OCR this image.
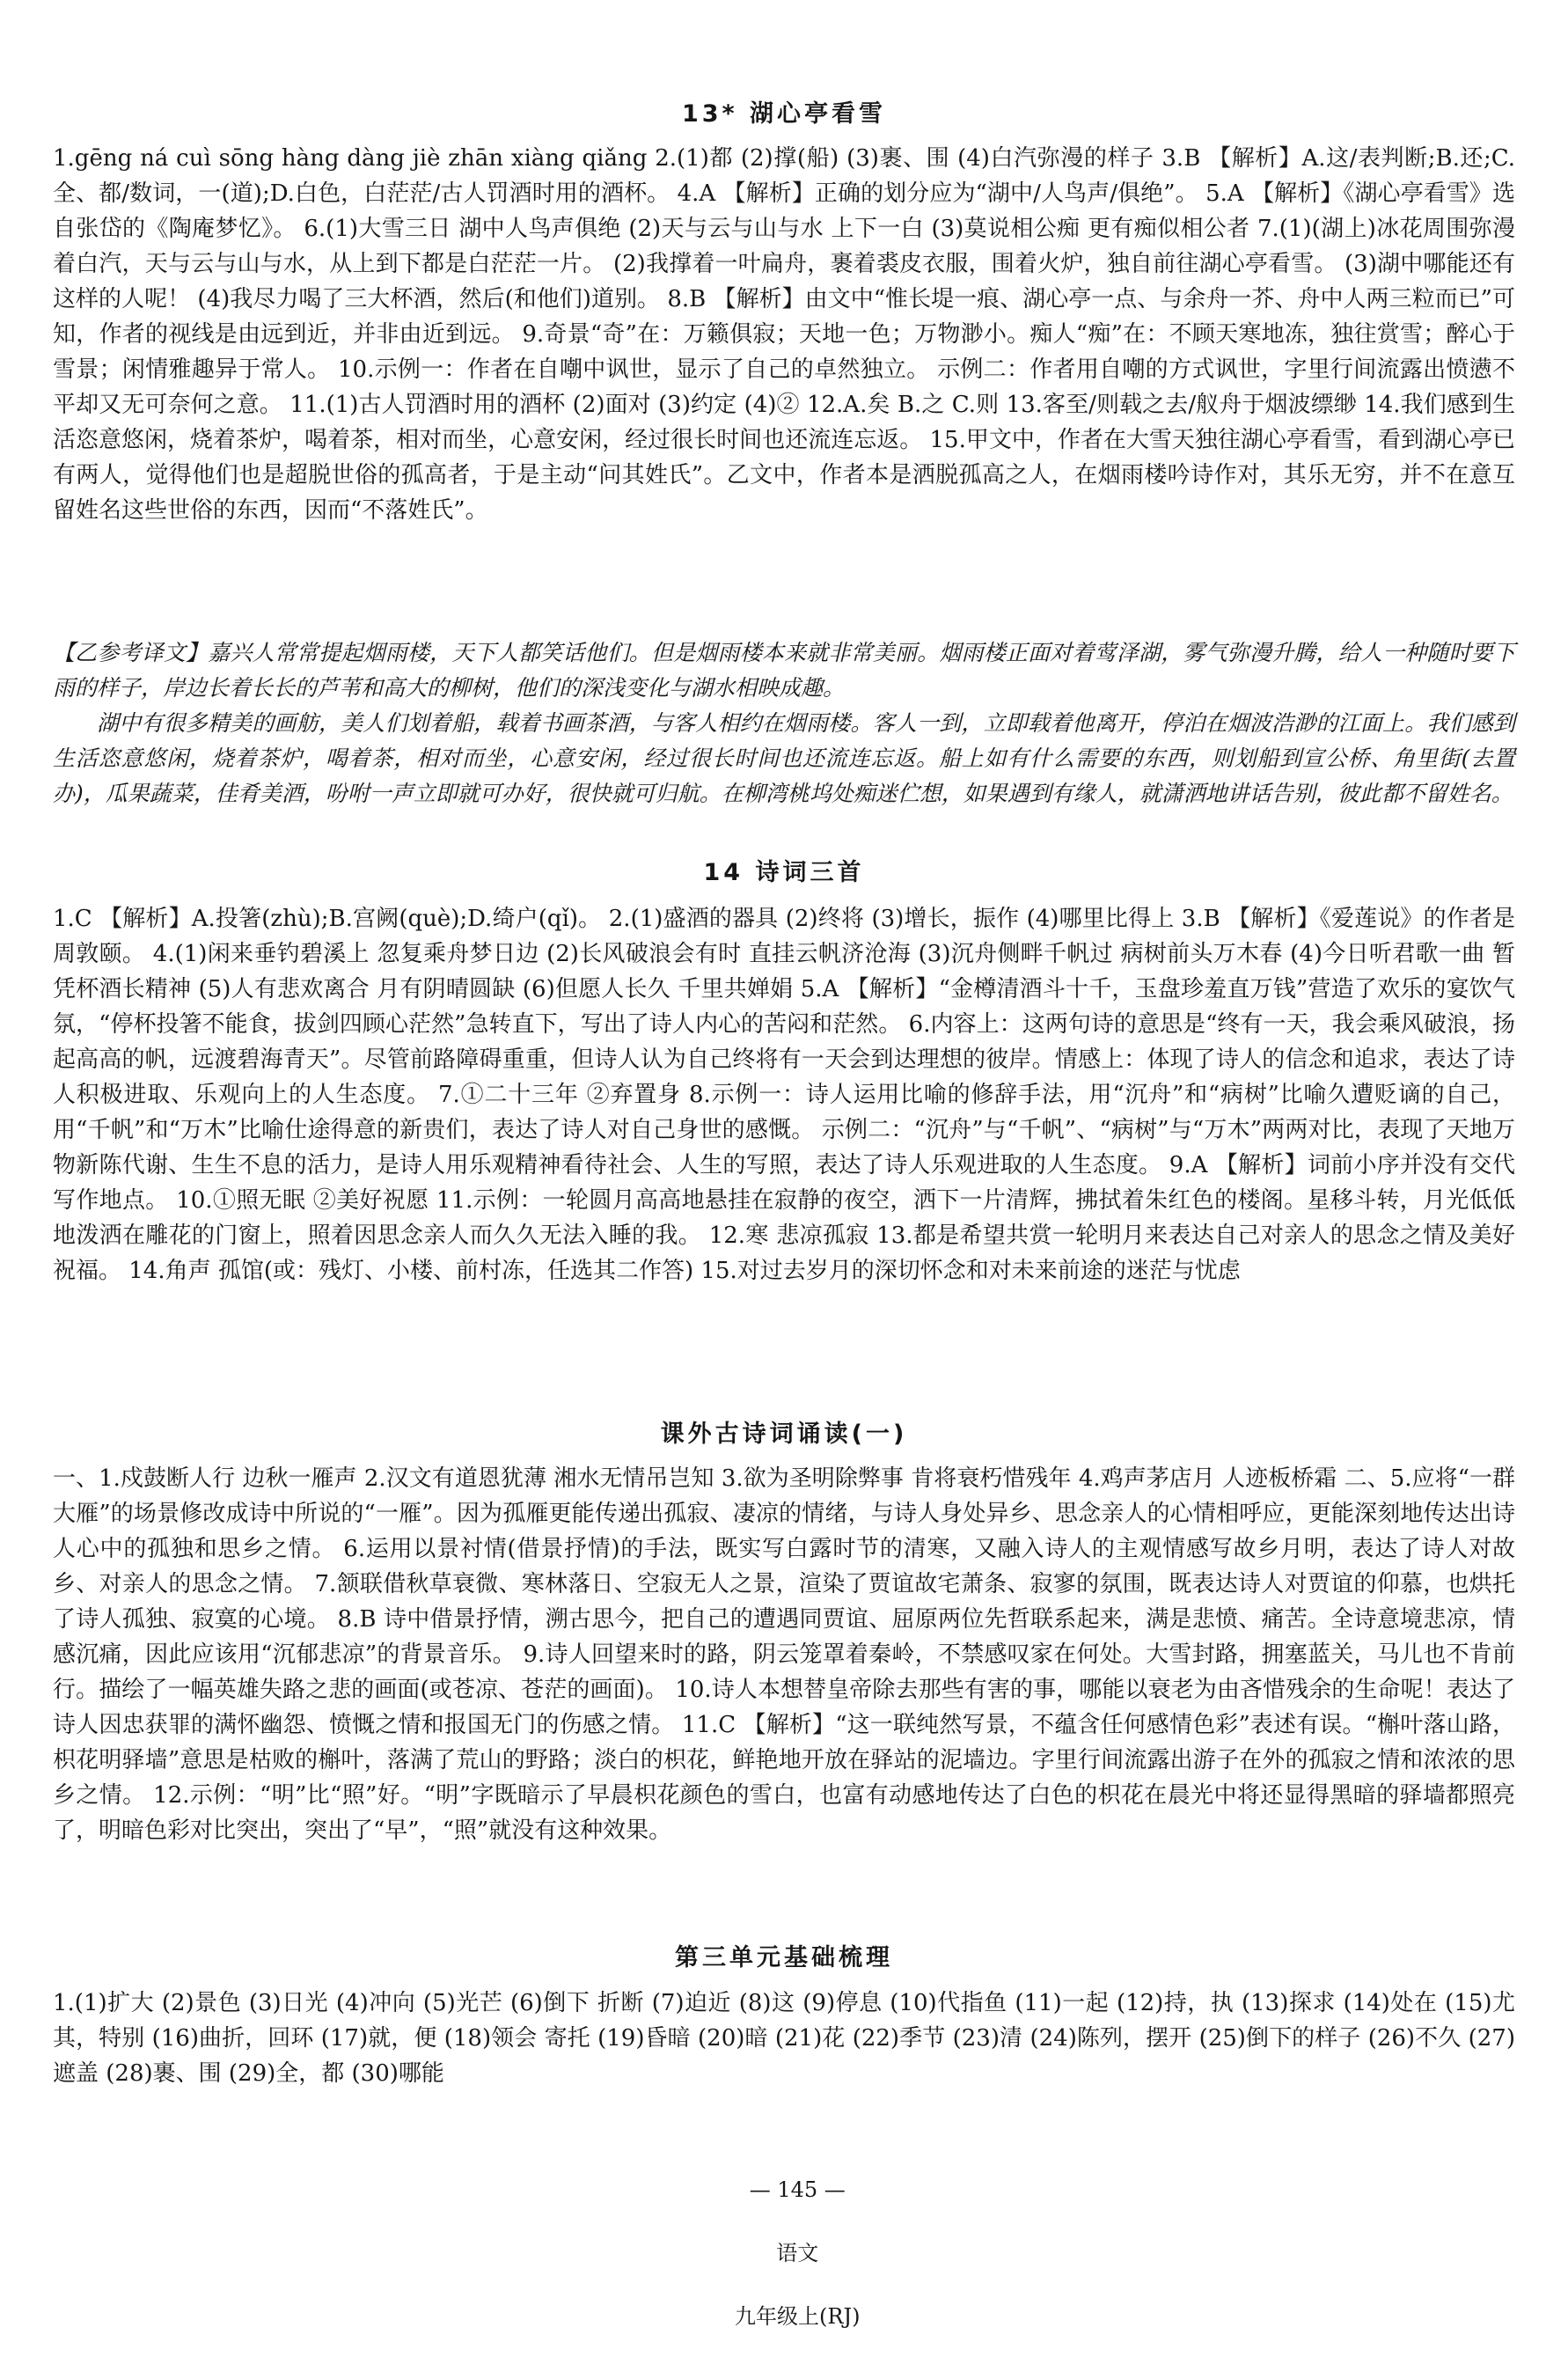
13* 湖心亭看雪
1.gēng ná cuì sōng hàng dàng jiè zhān xiàng qiǎng 2.(1)都 (2)撑(船) (3)裹、围 (4)白汽弥漫的样子 3.B 【解析】A.这/表判断;B.还;C.全、都/数词，一(道);D.白色，白茫茫/古人罚酒时用的酒杯。 4.A 【解析】正确的划分应为“湖中/人鸟声/俱绝”。 5.A 【解析】《湖心亭看雪》选自张岱的《陶庵梦忆》。 6.(1)大雪三日 湖中人鸟声俱绝 (2)天与云与山与水 上下一白 (3)莫说相公痴 更有痴似相公者 7.(1)(湖上)冰花周围弥漫着白汽，天与云与山与水，从上到下都是白茫茫一片。 (2)我撑着一叶扁舟，裹着裘皮衣服，围着火炉，独自前往湖心亭看雪。 (3)湖中哪能还有这样的人呢！ (4)我尽力喝了三大杯酒，然后(和他们)道别。 8.B 【解析】由文中“惟长堤一痕、湖心亭一点、与余舟一芥、舟中人两三粒而已”可知，作者的视线是由远到近，并非由近到远。 9.奇景“奇”在：万籁俱寂；天地一色；万物渺小。痴人“痴”在：不顾天寒地冻，独往赏雪；醉心于雪景；闲情雅趣异于常人。 10.示例一：作者在自嘲中讽世，显示了自己的卓然独立。 示例二：作者用自嘲的方式讽世，字里行间流露出愤懑不平却又无可奈何之意。 11.(1)古人罚酒时用的酒杯 (2)面对 (3)约定 (4)② 12.A.矣 B.之 C.则 13.客至/则载之去/舣舟于烟波缥缈 14.我们感到生活恣意悠闲，烧着茶炉，喝着茶，相对而坐，心意安闲，经过很长时间也还流连忘返。 15.甲文中，作者在大雪天独往湖心亭看雪，看到湖心亭已有两人，觉得他们也是超脱世俗的孤高者，于是主动“问其姓氏”。乙文中，作者本是洒脱孤高之人，在烟雨楼吟诗作对，其乐无穷，并不在意互留姓名这些世俗的东西，因而“不落姓氏”。
【乙参考译文】嘉兴人常常提起烟雨楼，天下人都笑话他们。但是烟雨楼本来就非常美丽。烟雨楼正面对着莺泽湖，雾气弥漫升腾，给人一种随时要下雨的样子，岸边长着长长的芦苇和高大的柳树，他们的深浅变化与湖水相映成趣。
湖中有很多精美的画舫，美人们划着船，载着书画茶酒，与客人相约在烟雨楼。客人一到，立即载着他离开，停泊在烟波浩渺的江面上。我们感到生活恣意悠闲，烧着茶炉，喝着茶，相对而坐，心意安闲，经过很长时间也还流连忘返。船上如有什么需要的东西，则划船到宣公桥、角里街(去置办)，瓜果蔬菜，佳肴美酒，吩咐一声立即就可办好，很快就可归航。在柳湾桃坞处痴迷伫想，如果遇到有缘人，就潇洒地讲话告别，彼此都不留姓名。
14 诗词三首
1.C 【解析】A.投箸(zhù);B.宫阙(què);D.绮户(qǐ)。 2.(1)盛酒的器具 (2)终将 (3)增长，振作 (4)哪里比得上 3.B 【解析】《爱莲说》的作者是周敦颐。 4.(1)闲来垂钓碧溪上 忽复乘舟梦日边 (2)长风破浪会有时 直挂云帆济沧海 (3)沉舟侧畔千帆过 病树前头万木春 (4)今日听君歌一曲 暂凭杯酒长精神 (5)人有悲欢离合 月有阴晴圆缺 (6)但愿人长久 千里共婵娟 5.A 【解析】“金樽清酒斗十千，玉盘珍羞直万钱”营造了欢乐的宴饮气氛，“停杯投箸不能食，拔剑四顾心茫然”急转直下，写出了诗人内心的苦闷和茫然。 6.内容上：这两句诗的意思是“终有一天，我会乘风破浪，扬起高高的帆，远渡碧海青天”。尽管前路障碍重重，但诗人认为自己终将有一天会到达理想的彼岸。情感上：体现了诗人的信念和追求，表达了诗人积极进取、乐观向上的人生态度。 7.①二十三年 ②弃置身 8.示例一：诗人运用比喻的修辞手法，用“沉舟”和“病树”比喻久遭贬谪的自己，用“千帆”和“万木”比喻仕途得意的新贵们，表达了诗人对自己身世的感慨。 示例二：“沉舟”与“千帆”、“病树”与“万木”两两对比，表现了天地万物新陈代谢、生生不息的活力，是诗人用乐观精神看待社会、人生的写照，表达了诗人乐观进取的人生态度。 9.A 【解析】词前小序并没有交代写作地点。 10.①照无眠 ②美好祝愿 11.示例：一轮圆月高高地悬挂在寂静的夜空，洒下一片清辉，拂拭着朱红色的楼阁。星移斗转，月光低低地泼洒在雕花的门窗上，照着因思念亲人而久久无法入睡的我。 12.寒 悲凉孤寂 13.都是希望共赏一轮明月来表达自己对亲人的思念之情及美好祝福。 14.角声 孤馆(或：残灯、小楼、前村冻，任选其二作答) 15.对过去岁月的深切怀念和对未来前途的迷茫与忧虑
课外古诗词诵读(一)
一、1.戍鼓断人行 边秋一雁声 2.汉文有道恩犹薄 湘水无情吊岂知 3.欲为圣明除弊事 肯将衰朽惜残年 4.鸡声茅店月 人迹板桥霜 二、5.应将“一群大雁”的场景修改成诗中所说的“一雁”。因为孤雁更能传递出孤寂、凄凉的情绪，与诗人身处异乡、思念亲人的心情相呼应，更能深刻地传达出诗人心中的孤独和思乡之情。 6.运用以景衬情(借景抒情)的手法，既实写白露时节的清寒，又融入诗人的主观情感写故乡月明，表达了诗人对故乡、对亲人的思念之情。 7.颔联借秋草衰微、寒林落日、空寂无人之景，渲染了贾谊故宅萧条、寂寥的氛围，既表达诗人对贾谊的仰慕，也烘托了诗人孤独、寂寞的心境。 8.B 诗中借景抒情，溯古思今，把自己的遭遇同贾谊、屈原两位先哲联系起来，满是悲愤、痛苦。全诗意境悲凉，情感沉痛，因此应该用“沉郁悲凉”的背景音乐。 9.诗人回望来时的路，阴云笼罩着秦岭，不禁感叹家在何处。大雪封路，拥塞蓝关，马儿也不肯前行。描绘了一幅英雄失路之悲的画面(或苍凉、苍茫的画面)。 10.诗人本想替皇帝除去那些有害的事，哪能以衰老为由吝惜残余的生命呢！表达了诗人因忠获罪的满怀幽怨、愤慨之情和报国无门的伤感之情。 11.C 【解析】“这一联纯然写景，不蕴含任何感情色彩”表述有误。“槲叶落山路，枳花明驿墙”意思是枯败的槲叶，落满了荒山的野路；淡白的枳花，鲜艳地开放在驿站的泥墙边。字里行间流露出游子在外的孤寂之情和浓浓的思乡之情。 12.示例：“明”比“照”好。“明”字既暗示了早晨枳花颜色的雪白，也富有动感地传达了白色的枳花在晨光中将还显得黑暗的驿墙都照亮了，明暗色彩对比突出，突出了“早”，“照”就没有这种效果。
第三单元基础梳理
1.(1)扩大 (2)景色 (3)日光 (4)冲向 (5)光芒 (6)倒下 折断 (7)迫近 (8)这 (9)停息 (10)代指鱼 (11)一起 (12)持，执 (13)探求 (14)处在 (15)尤其，特别 (16)曲折，回环 (17)就，便 (18)领会 寄托 (19)昏暗 (20)暗 (21)花 (22)季节 (23)清 (24)陈列，摆开 (25)倒下的样子 (26)不久 (27)遮盖 (28)裹、围 (29)全，都 (30)哪能

— 145 —

语文

九年级上(RJ)
